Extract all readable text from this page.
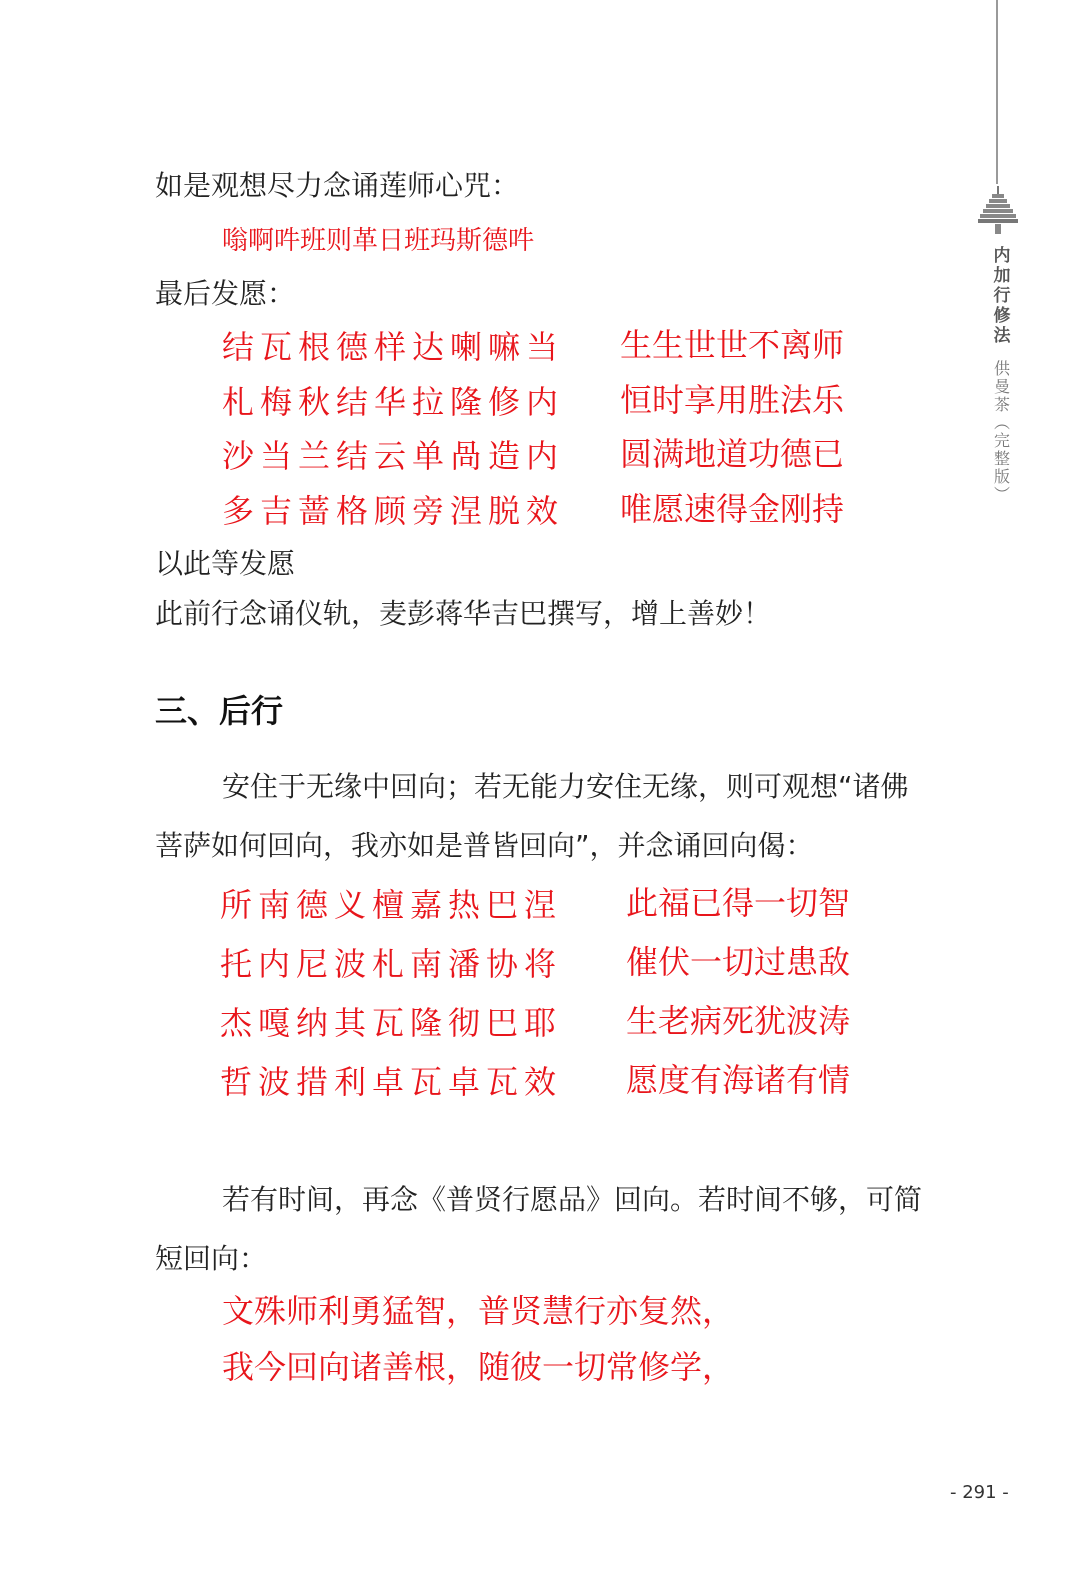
内
加
行
修
法
供
曼
茶
︵
完
整
版
︶
如是观想尽力念诵莲师心咒：
嗡啊吽班则革日班玛斯德吽
最后发愿：
结瓦根德样达喇嘛当 生生世世不离师
札梅秋结华拉隆修内 恒时享用胜法乐
沙当兰结云单咼造内 圆满地道功德已
多吉蔷格顾旁涅脱效 唯愿速得金刚持
以此等发愿
此前行念诵仪轨，麦彭蒋华吉巴撰写，增上善妙！
三、后行
安住于无缘中回向；若无能力安住无缘，则可观想“诸佛
菩萨如何回向，我亦如是普皆回向”，并念诵回向偈：
所南德义檀嘉热巴涅 此福已得一切智
托内尼波札南潘协将 催伏一切过患敌
杰嘎纳其瓦隆彻巴耶 生老病死犹波涛
哲波措利卓瓦卓瓦效 愿度有海诸有情
若有时间，再念《普贤行愿品》回向。若时间不够，可简
短回向：
文殊师利勇猛智，普贤慧行亦复然，
我今回向诸善根，随彼一切常修学，
- 291 -
